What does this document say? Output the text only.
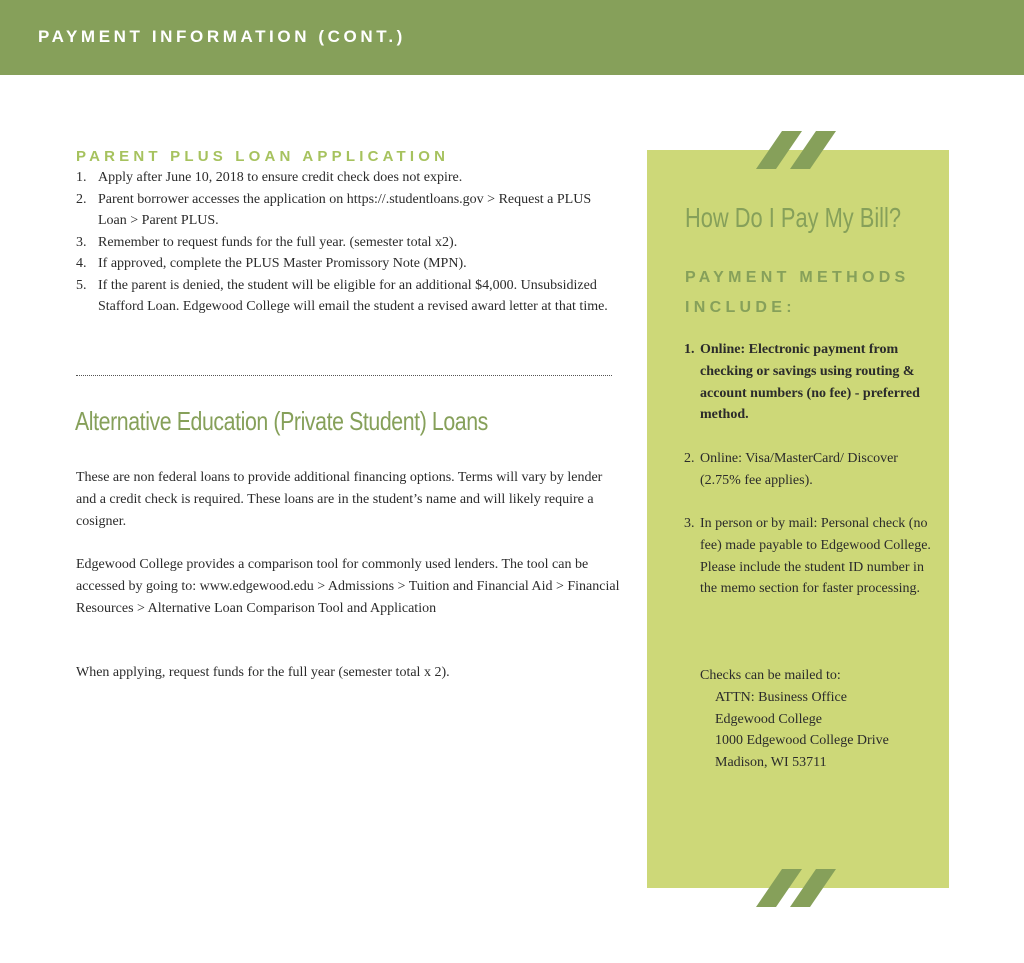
PAYMENT INFORMATION (CONT.)
PARENT PLUS LOAN APPLICATION
1. Apply after June 10, 2018 to ensure credit check does not expire.
2. Parent borrower accesses the application on https://.studentloans.gov > Request a PLUS Loan > Parent PLUS.
3. Remember to request funds for the full year. (semester total x2).
4. If approved, complete the PLUS Master Promissory Note (MPN).
5. If the parent is denied, the student will be eligible for an additional $4,000. Unsubsidized Stafford Loan. Edgewood College will email the student a revised award letter at that time.
Alternative Education (Private Student) Loans

These are non federal loans to provide additional financing options. Terms will vary by lender and a credit check is required. These loans are in the student’s name and will likely require a cosigner.

Edgewood College provides a comparison tool for commonly used lenders. The tool can be accessed by going to: www.edgewood.edu > Admissions > Tuition and Financial Aid > Financial Resources > Alternative Loan Comparison Tool and Application

When applying, request funds for the full year (semester total x 2).

How Do I Pay My Bill?
PAYMENT METHODS INCLUDE:
1. Online: Electronic payment from checking or savings using routing & account numbers (no fee) - preferred method.
2. Online: Visa/MasterCard/ Discover (2.75% fee applies).
3. In person or by mail: Personal check (no fee) made payable to Edgewood College. Please include the student ID number in the memo section for faster processing.
Checks can be mailed to:
ATTN: Business Office
Edgewood College
1000 Edgewood College Drive
Madison, WI 53711
